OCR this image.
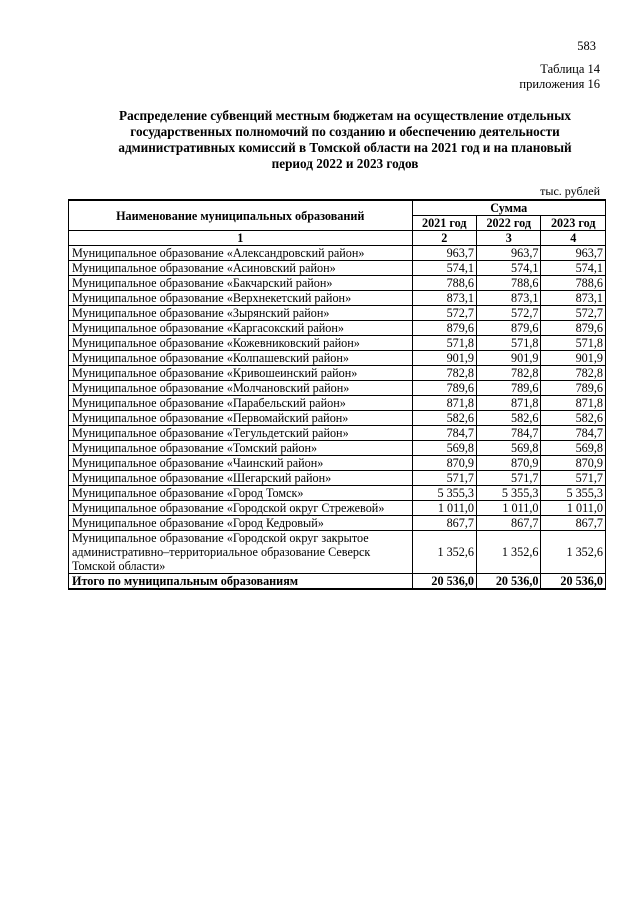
583
Таблица 14
приложения 16
Распределение субвенций местным бюджетам на осуществление отдельных
государственных полномочий по созданию и обеспечению деятельности
административных комиссий в Томской области на 2021 год и на плановый
период 2022 и 2023 годов
тыс. рублей
Наименование муниципальных образований	Сумма		
	2021 год	2022 год	2023 год
1	2	3	4
Муниципальное образование «Александровский район»	963,7	963,7	963,7
Муниципальное образование «Асиновский район»	574,1	574,1	574,1
Муниципальное образование «Бакчарский район»	788,6	788,6	788,6
Муниципальное образование «Верхнекетский район»	873,1	873,1	873,1
Муниципальное образование «Зырянский район»	572,7	572,7	572,7
Муниципальное образование «Каргасокский район»	879,6	879,6	879,6
Муниципальное образование «Кожевниковский район»	571,8	571,8	571,8
Муниципальное образование «Колпашевский район»	901,9	901,9	901,9
Муниципальное образование «Кривошеинский район»	782,8	782,8	782,8
Муниципальное образование «Молчановский район»	789,6	789,6	789,6
Муниципальное образование «Парабельский район»	871,8	871,8	871,8
Муниципальное образование «Первомайский район»	582,6	582,6	582,6
Муниципальное образование «Тегульдетский район»	784,7	784,7	784,7
Муниципальное образование «Томский район»	569,8	569,8	569,8
Муниципальное образование «Чаинский район»	870,9	870,9	870,9
Муниципальное образование «Шегарский район»	571,7	571,7	571,7
Муниципальное образование «Город Томск»	5 355,3	5 355,3	5 355,3
Муниципальное образование «Городской округ Стрежевой»	1 011,0	1 011,0	1 011,0
Муниципальное образование «Город Кедровый»	867,7	867,7	867,7
Муниципальное образование «Городской округ закрытое административно–территориальное образование Северск Томской области»	1 352,6	1 352,6	1 352,6
Итого по муниципальным образованиям	20 536,0	20 536,0	20 536,0
